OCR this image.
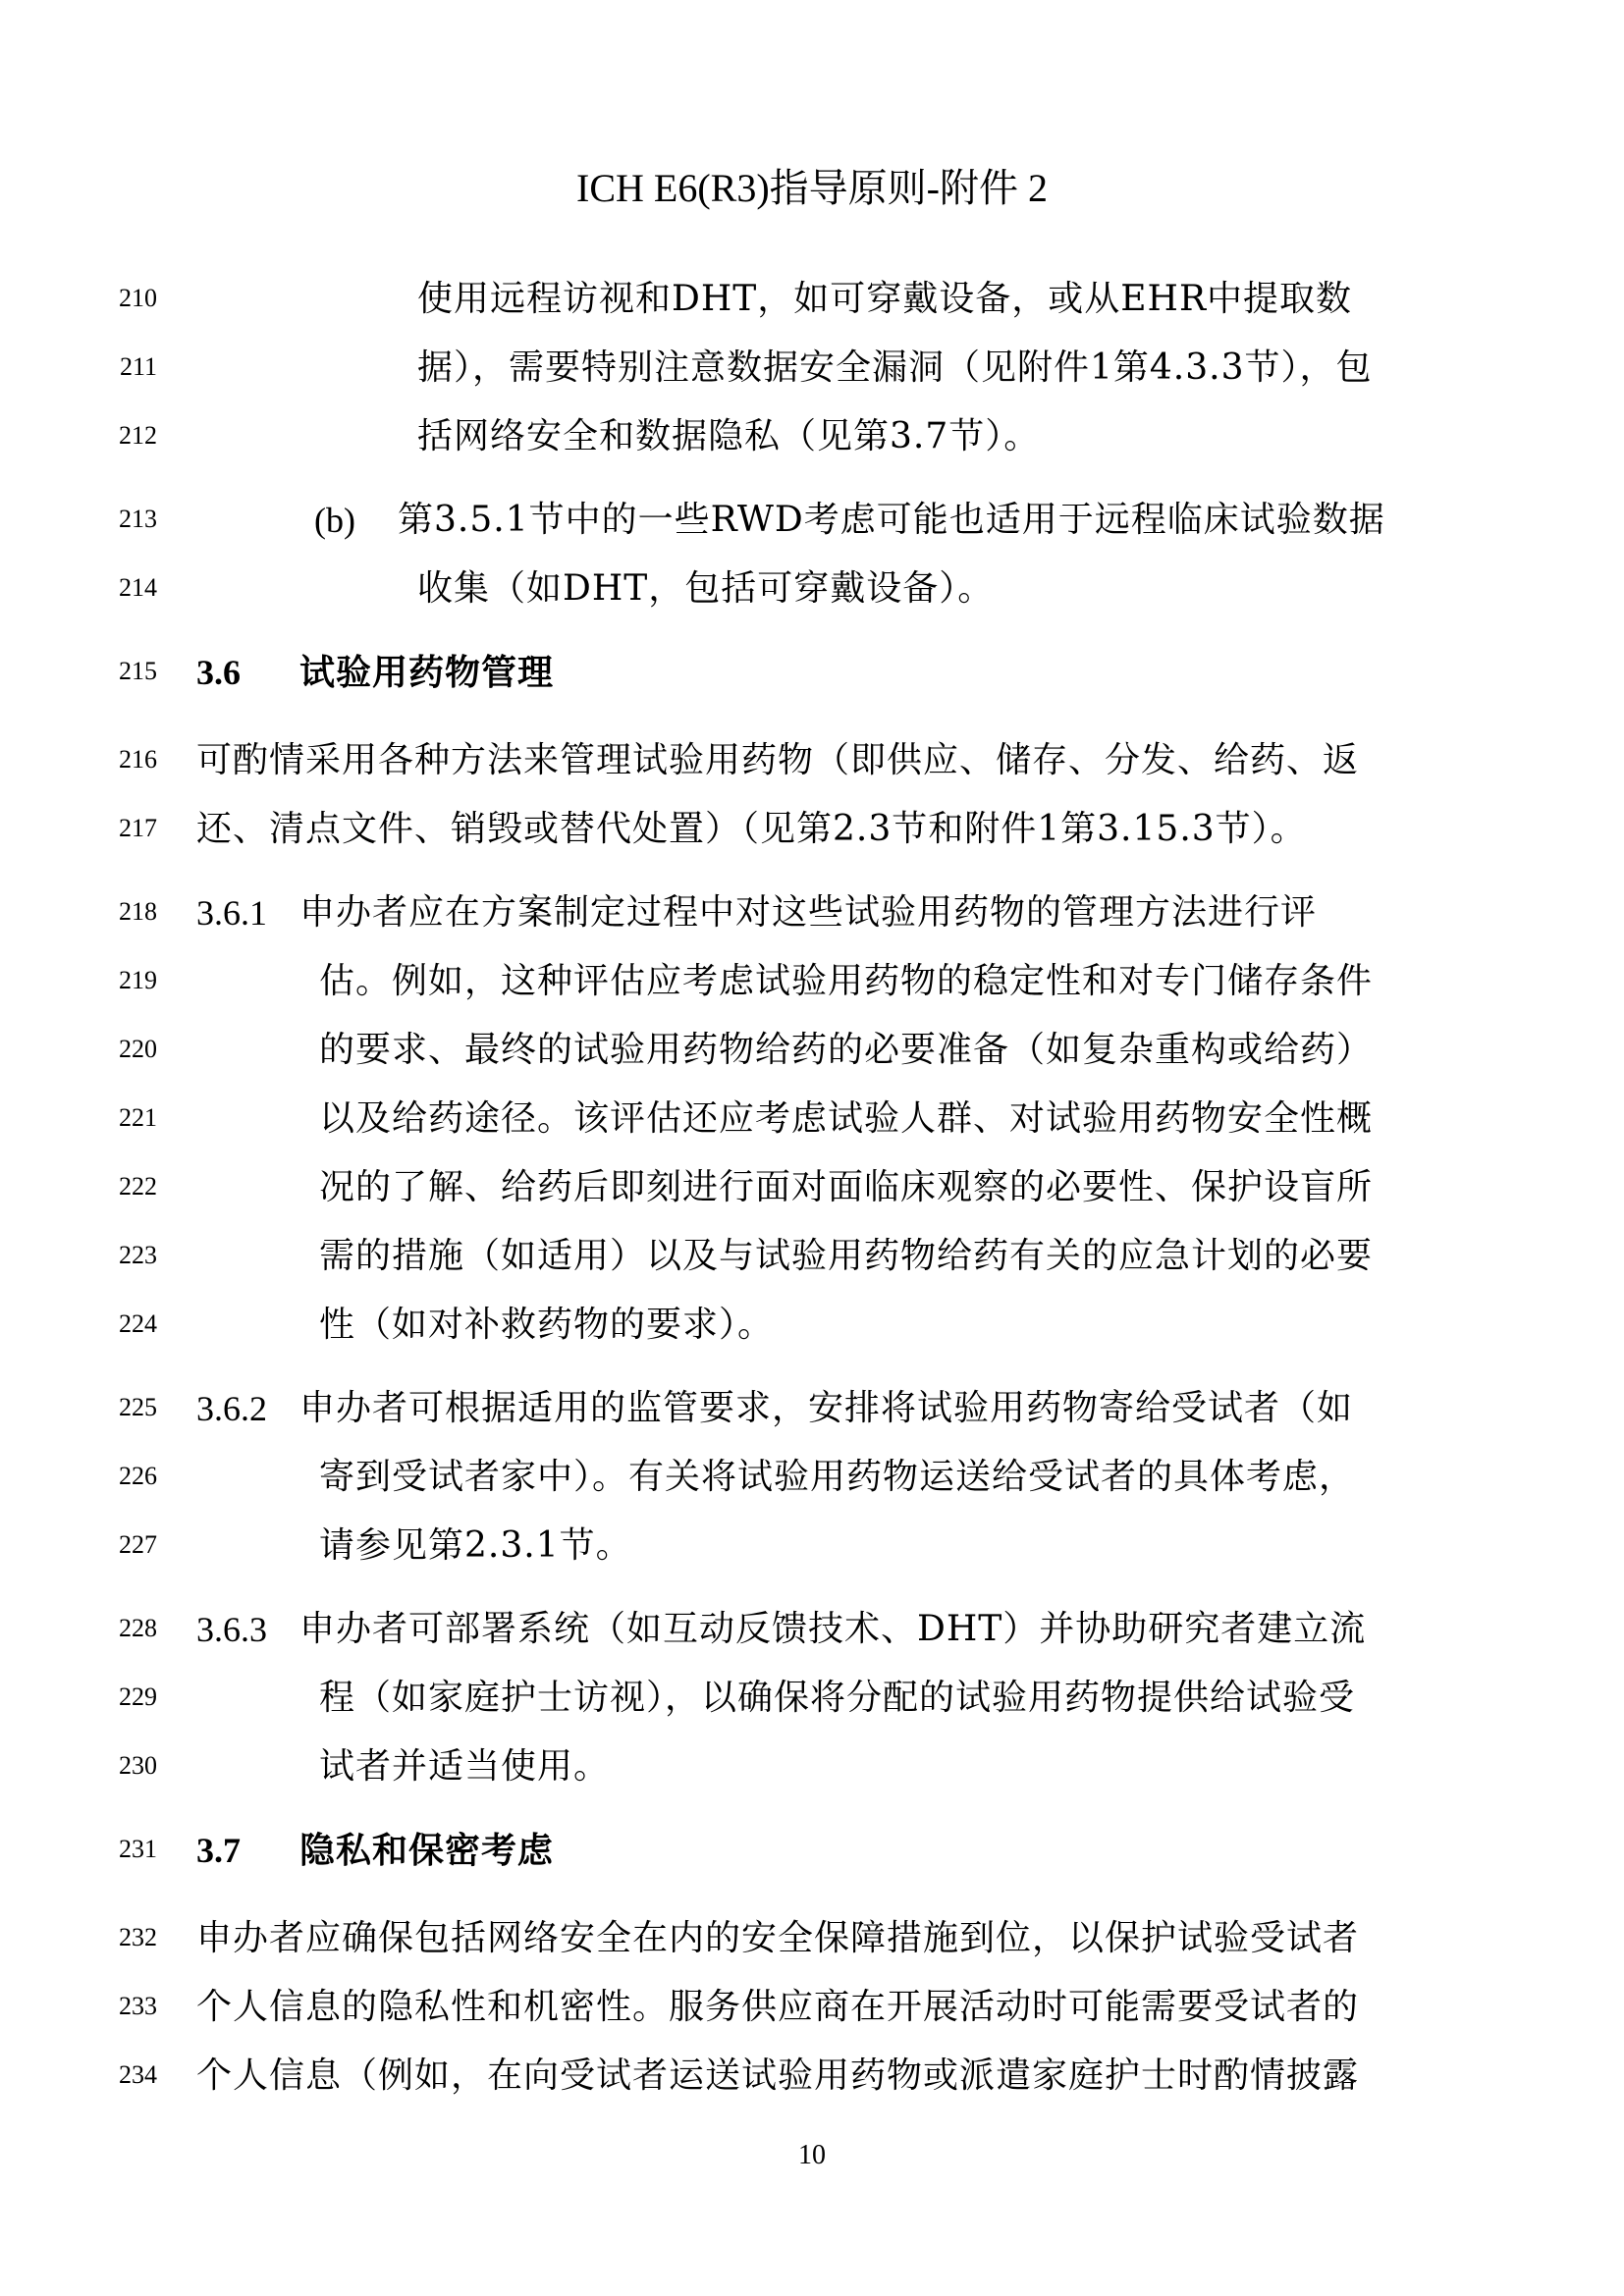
ICH E6(R3)指导原则-附件 2
210	使用远程访视和DHT，如可穿戴设备，或从EHR中提取数
211	据），需要特别注意数据安全漏洞（见附件1第4.3.3节），包
212	括网络安全和数据隐私（见第3.7节）。
213	(b) 第3.5.1节中的一些RWD考虑可能也适用于远程临床试验数据
214	收集（如DHT，包括可穿戴设备）。
215 3.6 试验用药物管理
216 可酌情采用各种方法来管理试验用药物（即供应、储存、分发、给药、返
217 还、清点文件、销毁或替代处置）（见第2.3节和附件1第3.15.3节）。
218 3.6.1 申办者应在方案制定过程中对这些试验用药物的管理方法进行评
219	估。例如，这种评估应考虑试验用药物的稳定性和对专门储存条件
220	的要求、最终的试验用药物给药的必要准备（如复杂重构或给药）
221	以及给药途径。该评估还应考虑试验人群、对试验用药物安全性概
222	况的了解、给药后即刻进行面对面临床观察的必要性、保护设盲所
223	需的措施（如适用）以及与试验用药物给药有关的应急计划的必要
224	性（如对补救药物的要求）。
225 3.6.2 申办者可根据适用的监管要求，安排将试验用药物寄给受试者（如
226	寄到受试者家中）。有关将试验用药物运送给受试者的具体考虑，
227	请参见第2.3.1节。
228 3.6.3 申办者可部署系统（如互动反馈技术、DHT）并协助研究者建立流
229	程（如家庭护士访视），以确保将分配的试验用药物提供给试验受
230	试者并适当使用。
231 3.7 隐私和保密考虑
232 申办者应确保包括网络安全在内的安全保障措施到位，以保护试验受试者
233 个人信息的隐私性和机密性。服务供应商在开展活动时可能需要受试者的
234 个人信息（例如，在向受试者运送试验用药物或派遣家庭护士时酌情披露
10
